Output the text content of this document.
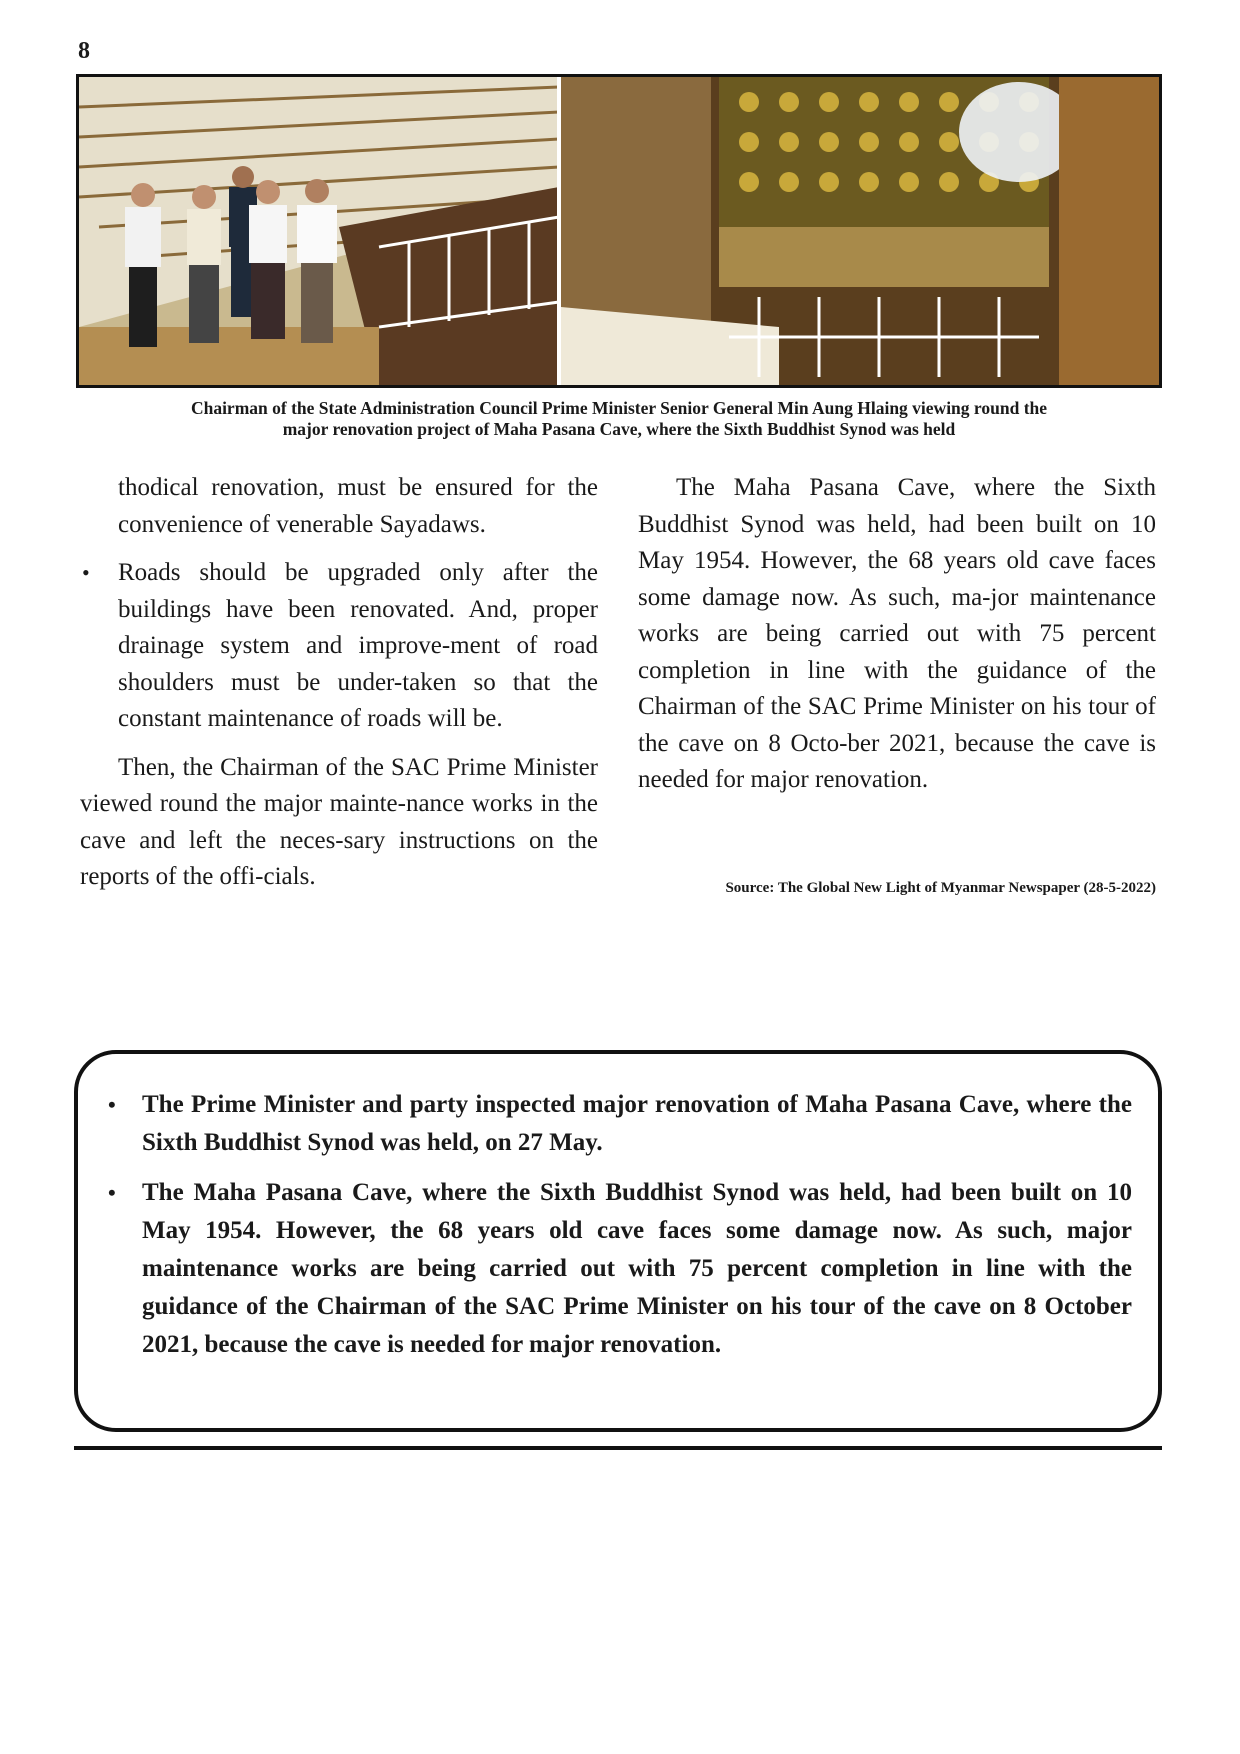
8
Chairman of the State Administration Council Prime Minister Senior General Min Aung Hlaing viewing round the
major renovation project of Maha Pasana Cave, where the Sixth Buddhist Synod was held

thodical renovation, must be ensured for the convenience of venerable Sayadaws.

• Roads should be upgraded only after the buildings have been renovated. And, proper drainage system and improve-ment of road shoulders must be under-taken so that the constant maintenance of roads will be.

Then, the Chairman of the SAC Prime Minister viewed round the major mainte-nance works in the cave and left the neces-sary instructions on the reports of the offi-cials.

The Maha Pasana Cave, where the Sixth Buddhist Synod was held, had been built on 10 May 1954. However, the 68 years old cave faces some damage now. As such, ma-jor maintenance works are being carried out with 75 percent completion in line with the guidance of the Chairman of the SAC Prime Minister on his tour of the cave on 8 Octo-ber 2021, because the cave is needed for major renovation.

Source: The Global New Light of Myanmar Newspaper (28-5-2022)
• The Prime Minister and party inspected major renovation of Maha Pasana Cave, where the Sixth Buddhist Synod was held, on 27 May.
• The Maha Pasana Cave, where the Sixth Buddhist Synod was held, had been built on 10 May 1954. However, the 68 years old cave faces some damage now. As such, major maintenance works are being carried out with 75 percent completion in line with the guidance of the Chairman of the SAC Prime Minister on his tour of the cave on 8 October 2021, because the cave is needed for major renovation.
